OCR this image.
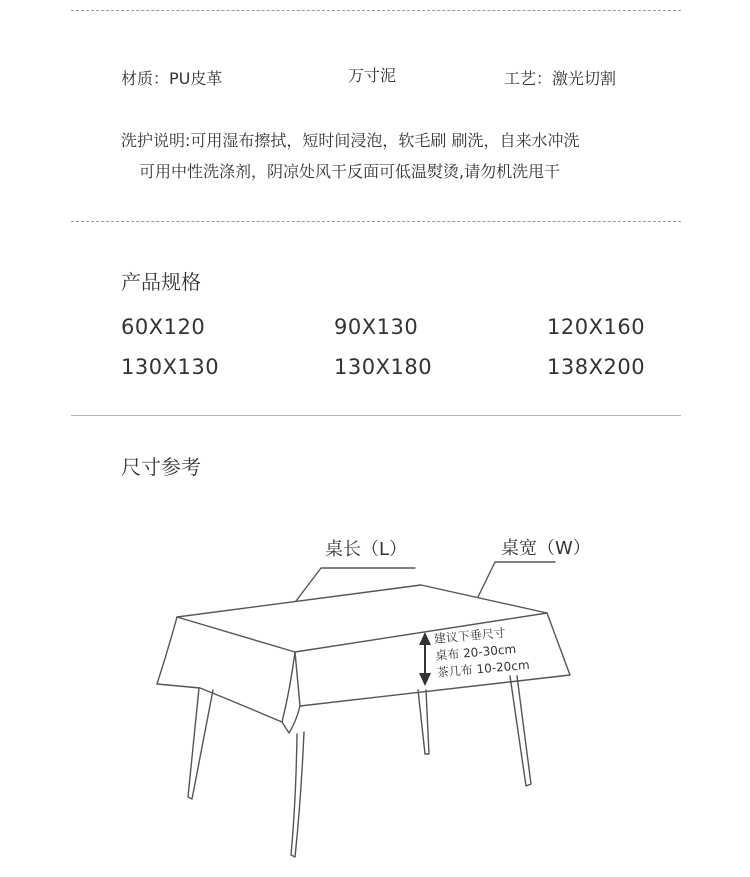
材质：PU皮革	万寸泥	工艺：激光切割
洗护说明:可用湿布擦拭，短时间浸泡，软毛刷 刷洗，自来水冲洗
可用中性洗涤剂，阴凉处风干反面可低温熨烫,请勿机洗甩干
产品规格
60X120	90X130	120X160
130X130	130X180	138X200
尺寸参考
桌长（L）	桌宽（W）
建议下垂尺寸
桌布 20-30cm
茶几布 10-20cm
